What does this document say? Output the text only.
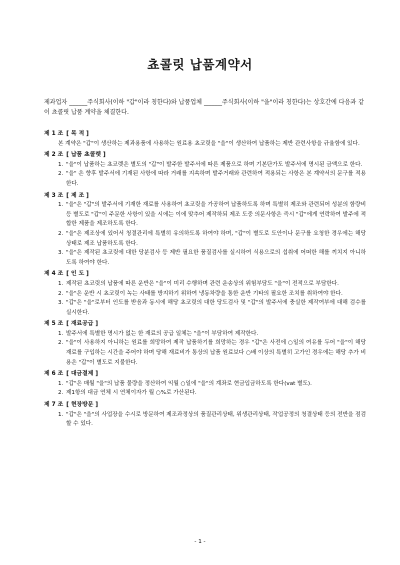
쵸콜릿 납품계약서
제과업자 ______주식회사(이하 "갑"이라 칭한다)와 납품업체 ______주식회사(이하 "을"이라 칭한다)는 상호간에 다음과 같이 쵸콜릿 납품 계약을 체결한다.
제 1 조 [ 목 적 ]
본 계약은 "갑"이 생산하는 제과용품에 사용하는 원료용 쵸코릿을 "을"이 생산하여 납품하는 제반 관련사항을 규율함에 있다.
제 2 조 [ 납품 쵸콜렛 ]
1. "을"이 납품하는 쵸코렛은 별도의 "갑"이 발주한 발주서에 따른 제품으로 하며 기본단가도 발주서에 명시된 금액으로 한다.
2. "을" 은 향후 발주서에 기재된 사항에 따라 거래를 지속하며 발주거래와 관련하여 적용되는 사항은 본 계약서의 문구를 적용한다.
제 3 조 [ 제 조 ]
1. "을"은 "갑"의 발주서에 기재한 재료를 사용하여 쵸코릿을 가공하여 납품하도록 하며 특별히 제조와 관련되어 성분의 함량비 등 별도로 "갑"이 주문한 사항이 있을 시에는 이에 맞추어 제작하되 제조 도중 의문사항은 즉시 "갑"에게 연락하여 발주에 적합한 제품을 제조하도록 한다.
2. "을"은 제조상에 있어서 청결관리에 특별히 유의하도록 하여야 하며, "갑"이 별도로 도안이나 문구를 요청한 경우에는 해당 상태로 제조 납품하도록 한다.
3. "을"은 제작된 쵸코릿에 대한 당분검사 등 제반 필요한 품질검사를 실시하여 식용으로의 섭취에 어떠한 해를 끼치지 아니하도록 하여야 한다.
제 4 조 [ 인 도 ]
1. 제작된 쵸코릿의 납품에 따른 운반은 "을"이 미리 수행하며 관련 운송상의 위험부담도 "을"이 전적으로 부담한다.
2. "을"은 운반 시 쵸코릿이 녹는 사태를 방지하기 위하여 냉동차량을 통한 운반 기타의 필요한 조치를 취하여야 한다.
3. "갑"은 "을"로부터 인도를 받음과 동시에 해당 쵸코릿의 대한 당도검사 및 "갑"의 발주서에 충실한 제작여부에 대해 검수를 실시한다.
제 5 조 [ 재료공급 ]
1. 발주서에 특별한 명시가 없는 한 재료의 공급 일체는 "을"이 부담하여 제작한다.
2. "을"이 사용하지 아니하는 원료를 희망하여 제작 납품하기를 희망하는 경우 "갑"은 사전에 ○일의 여유를 두어 "을"이 해당 재료를 구입하는 시간을 주어야 하며 당해 재료비가 통상의 납품 원료보다 ○배 이상의 특별히 고가인 경우에는 해당 추가 비용은 "갑"이 별도로 지불한다.
제 6 조 [ 대금결제 ]
1. "갑"은 매월 "을"의 납품 물량을 정산하여 익월 ○일에 "을"의 계좌로 현금입금하도록 한다(vat 별도).
2. 제1항의 대금 연체 시 연체이자가 월 ○%로 가산된다.
제 7 조 [ 현장방문 ]
1. "갑"은 "을"의 사업장을 수시로 방문하여 제조과정상의 품질관리상태, 위생관리상태, 작업공정의 청결상태 등의 전반을 점검할 수 있다.
- 1 -
